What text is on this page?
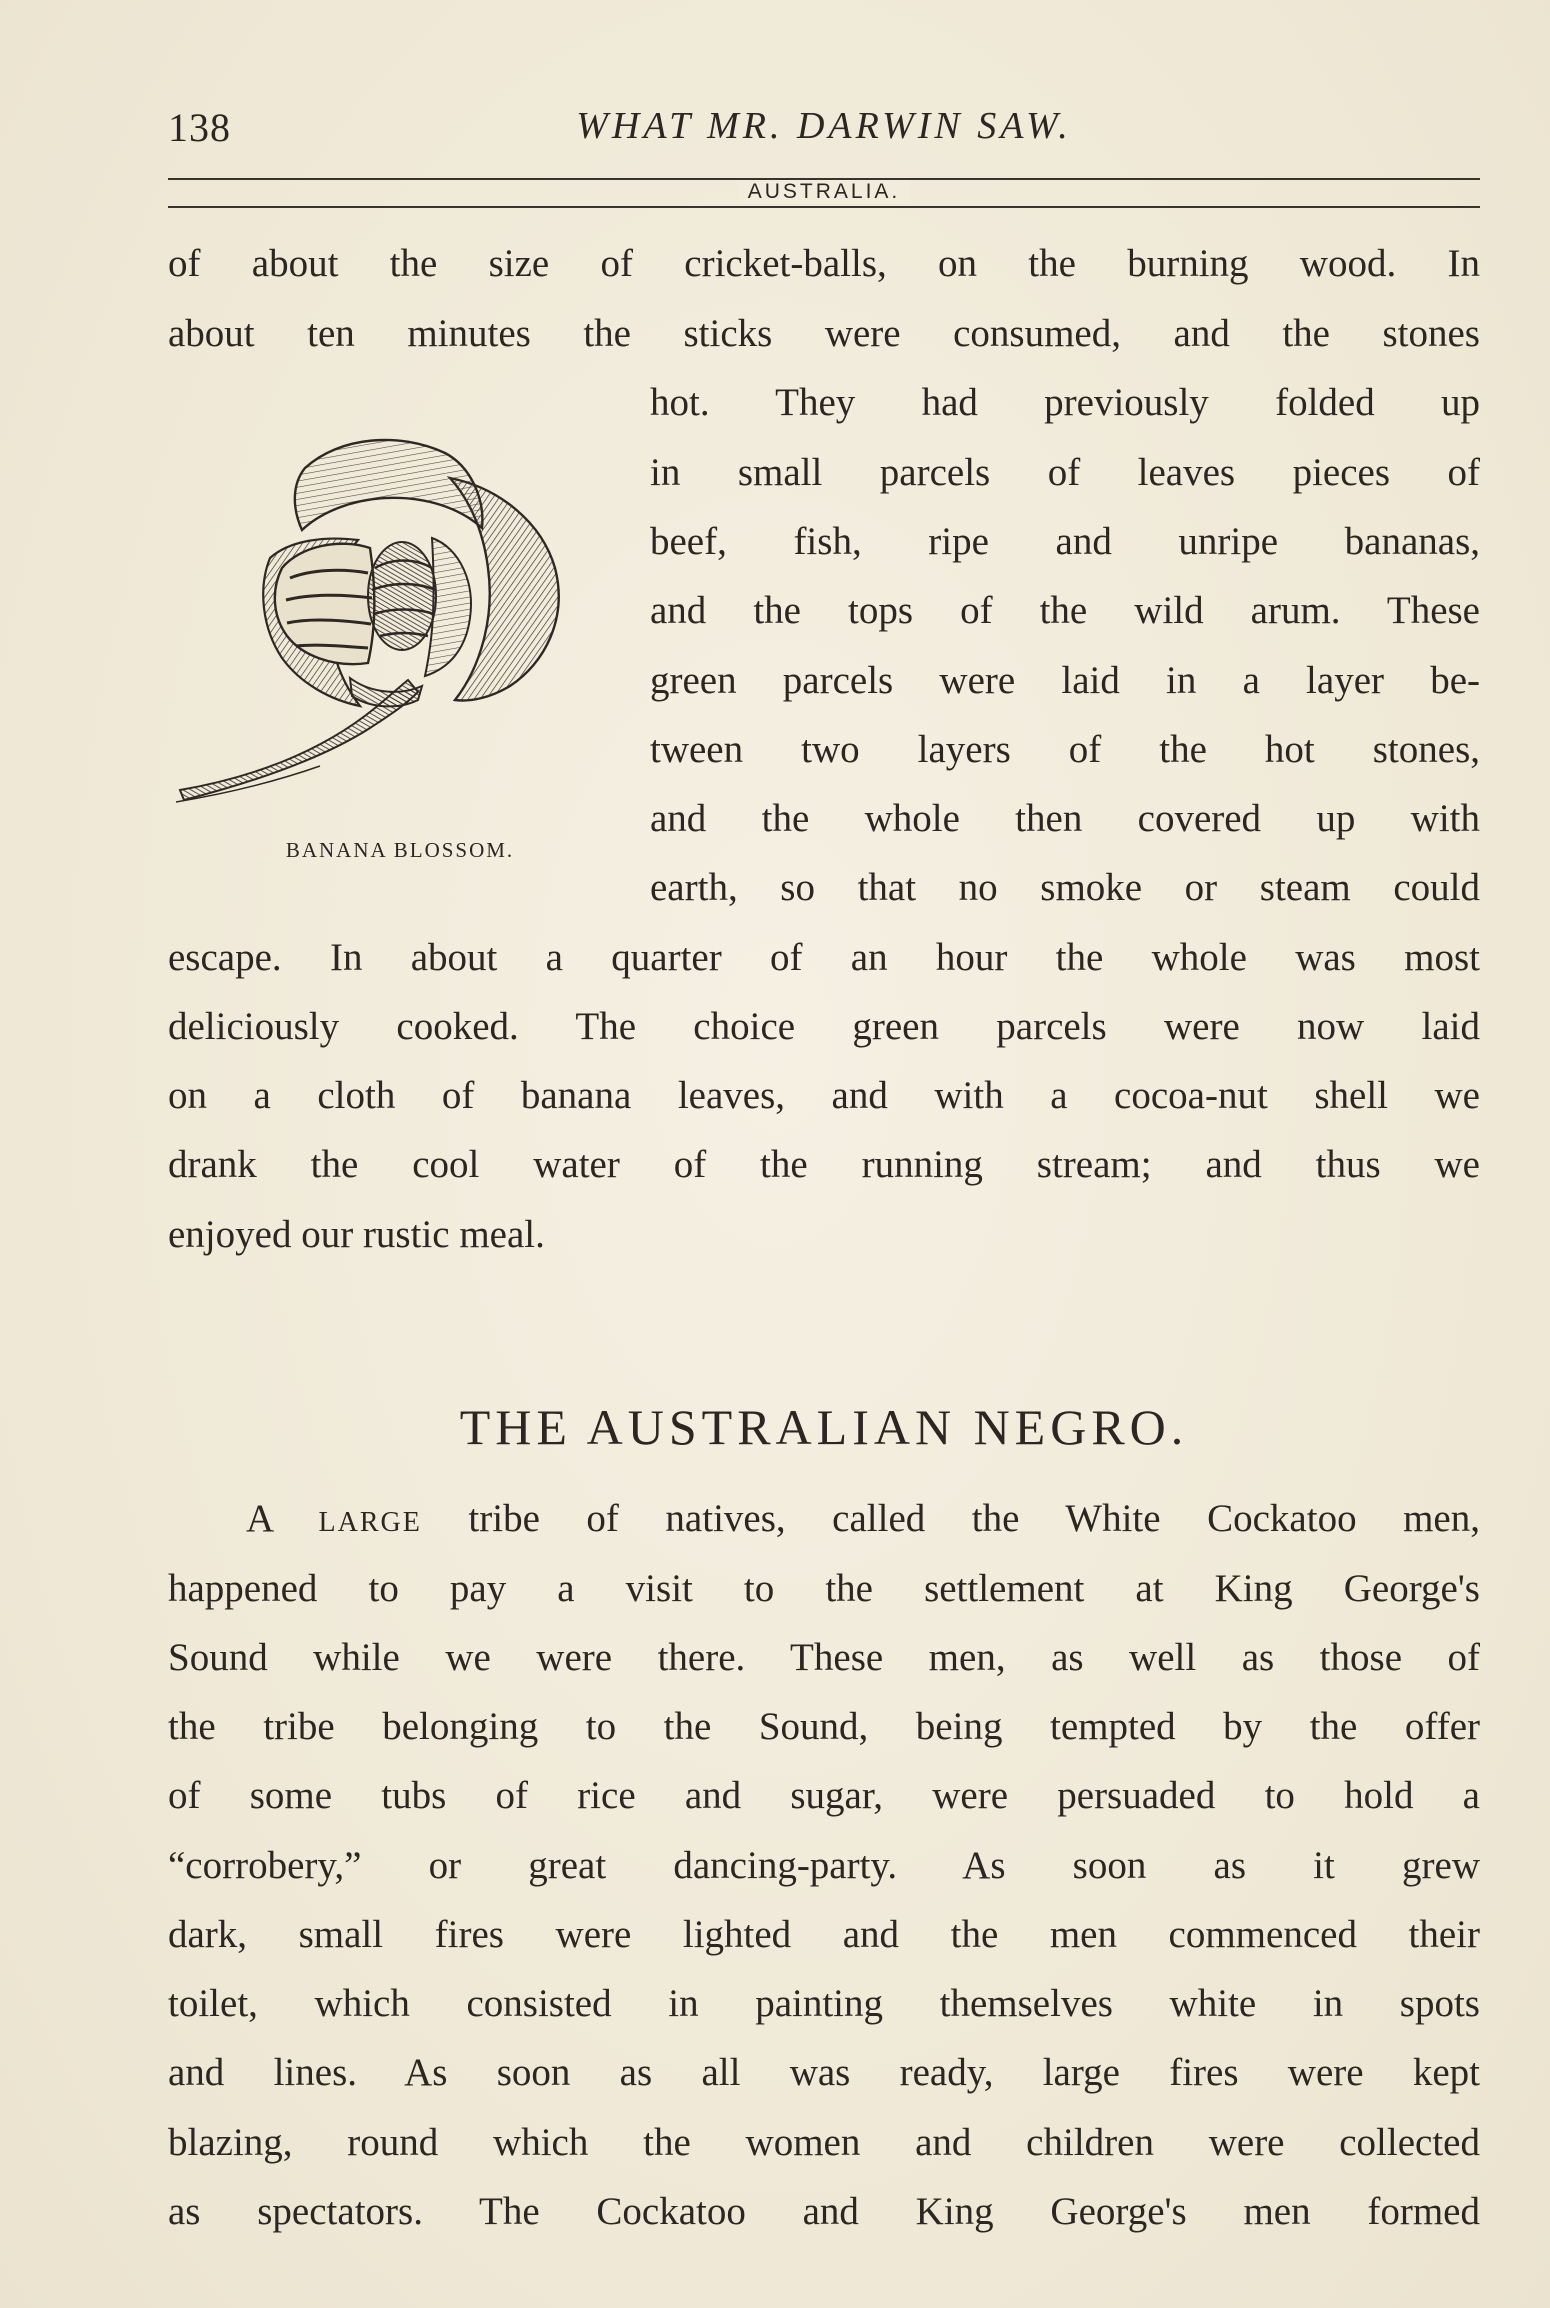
138	WHAT MR. DARWIN SAW.
AUSTRALIA.
of about the size of cricket-balls, on the burning wood. In
about ten minutes the sticks were consumed, and the stones
hot. They had previously folded up
in small parcels of leaves pieces of
beef, fish, ripe and unripe bananas,
and the tops of the wild arum. These
green parcels were laid in a layer be-
tween two layers of the hot stones,
and the whole then covered up with
earth, so that no smoke or steam could
escape. In about a quarter of an hour the whole was most
deliciously cooked. The choice green parcels were now laid
on a cloth of banana leaves, and with a cocoa-nut shell we
drank the cool water of the running stream; and thus we
enjoyed our rustic meal.
BANANA BLOSSOM.
THE AUSTRALIAN NEGRO.
A LARGE tribe of natives, called the White Cockatoo men,
happened to pay a visit to the settlement at King George's
Sound while we were there. These men, as well as those of
the tribe belonging to the Sound, being tempted by the offer
of some tubs of rice and sugar, were persuaded to hold a
“corrobery,” or great dancing-party. As soon as it grew
dark, small fires were lighted and the men commenced their
toilet, which consisted in painting themselves white in spots
and lines. As soon as all was ready, large fires were kept
blazing, round which the women and children were collected
as spectators. The Cockatoo and King George's men formed
